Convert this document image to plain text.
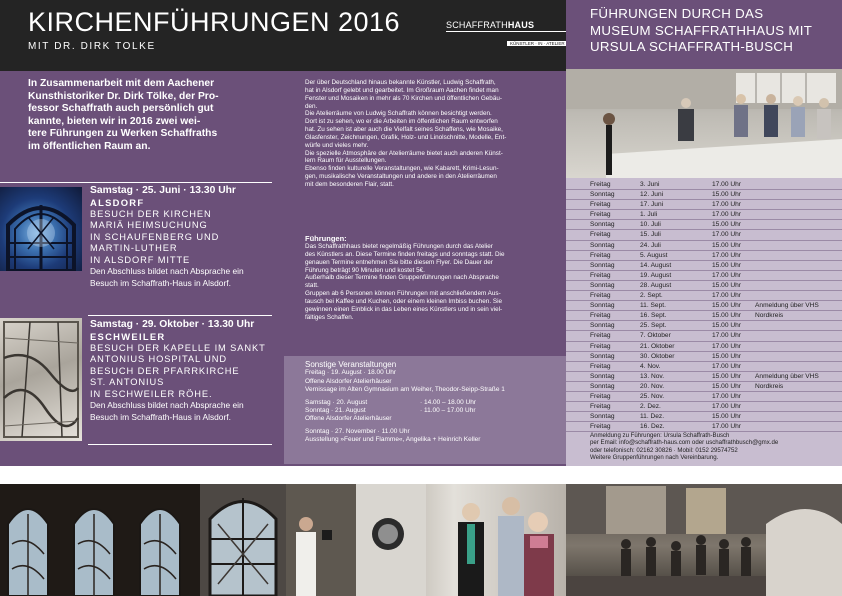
KIRCHENFÜHRUNGEN 2016
MIT DR. DIRK TOLKE
SCHAFFRATHHAUS
KÜNSTLER · IN · ATELIER
FÜHRUNGEN DURCH DAS
MUSEUM SCHAFFRATHHAUS MIT
URSULA SCHAFFRATH-BUSCH
In Zusammenarbeit mit dem Aachener
Kunsthistoriker Dr. Dirk Tölke, der Pro-
fessor Schaffrath auch persönlich gut
kannte, bieten wir in 2016 zwei wei-
tere Führungen zu Werken Schaffraths
im öffentlichen Raum an.
Samstag · 25. Juni · 13.30 Uhr
ALSDORF
BESUCH DER KIRCHEN
MARIÄ HEIMSUCHUNG
IN SCHAUFENBERG UND
MARTIN-LUTHER
IN ALSDORF MITTE
Den Abschluss bildet nach Absprache ein
Besuch im Schaffrath-Haus in Alsdorf.
Samstag · 29. Oktober · 13.30 Uhr
ESCHWEILER
BESUCH DER KAPELLE IM SANKT
ANTONIUS HOSPITAL UND
BESUCH DER PFARRKIRCHE
ST. ANTONIUS
IN ESCHWEILER RÖHE.
Den Abschluss bildet nach Absprache ein
Besuch im Schaffrath-Haus in Alsdorf.
Der über Deutschland hinaus bekannte Künstler, Ludwig Schaffrath,
hat in Alsdorf gelebt und gearbeitet. Im Großraum Aachen findet man
Fenster und Mosaiken in mehr als 70 Kirchen und öffentlichen Gebäu-
den.
Die Atelierräume von Ludwig Schaffrath können besichtigt werden.
Dort ist zu sehen, wo er die Arbeiten im öffentlichen Raum entworfen
hat. Zu sehen ist aber auch die Vielfalt seines Schaffens, wie Mosaike,
Glasfenster, Zeichnungen, Grafik, Holz- und Linolschnitte, Modelle, Ent-
würfe und vieles mehr.
Die spezielle Atmosphäre der Atelierräume bietet auch anderen Künst-
lern Raum für Ausstellungen.
Ebenso finden kulturelle Veranstaltungen, wie Kabarett, Krimi-Lesun-
gen, musikalische Veranstaltungen und andere in den Atelierräumen
mit dem besonderen Flair, statt.
Führungen:
Das Schaffrathhaus bietet regelmäßig Führungen durch das Atelier
des Künstlers an. Diese Termine finden freitags und sonntags statt. Die
genauen Termine entnehmen Sie bitte diesem Flyer. Die Dauer der
Führung beträgt 90 Minuten und kostet 5€.
Außerhalb dieser Termine finden Gruppenführungen nach Absprache
statt.
Gruppen ab 6 Personen können Führungen mit anschließendem Aus-
tausch bei Kaffee und Kuchen, oder einem kleinen Imbiss buchen. Sie
gewinnen einen Einblick in das Leben eines Künstlers und in sein viel-
fältiges Schaffen.
Sonstige Veranstaltungen
Freitag · 19. August · 18.00 Uhr
Offene Alsdorfer Atelierhäuser
Vernissage im Alten Gymnasium am Weiher, Theodor-Seipp-Straße 1
Samstag · 20. August	· 14.00 – 18.00 Uhr
Sonntag · 21. August	· 11.00 – 17.00 Uhr
Offene Alsdorfer Atelierhäuser
Sonntag · 27. November · 11.00 Uhr
Ausstellung »Feuer und Flamme«, Angelika + Heinrich Keller
Freitag	3. Juni	17.00 Uhr
Sonntag	12. Juni	15.00 Uhr
Freitag	17. Juni	17.00 Uhr
Freitag	1. Juli	17.00 Uhr
Sonntag	10. Juli	15.00 Uhr
Freitag	15. Juli	17.00 Uhr
Sonntag	24. Juli	15.00 Uhr
Freitag	5. August	17.00 Uhr
Sonntag	14. August	15.00 Uhr
Freitag	19. August	17.00 Uhr
Sonntag	28. August	15.00 Uhr
Freitag	2. Sept.	17.00 Uhr
Sonntag	11. Sept.	15.00 Uhr Anmeldung über VHS
Freitag	16. Sept.	15.00 Uhr Nordkreis
Sonntag	25. Sept.	15.00 Uhr
Freitag	7. Oktober	17.00 Uhr
Freitag	21. Oktober	17.00 Uhr
Sonntag	30. Oktober	15.00 Uhr
Freitag	4. Nov.	17.00 Uhr
Sonntag	13. Nov.	15.00 Uhr Anmeldung über VHS
Sonntag	20. Nov.	15.00 Uhr Nordkreis
Freitag	25. Nov.	17.00 Uhr
Freitag	2. Dez.	17.00 Uhr
Sonntag	11. Dez.	15.00 Uhr
Freitag	16. Dez.	17.00 Uhr
Anmeldung zu Führungen: Ursula Schaffrath-Busch
per Email: info@schaffrath-haus.com oder uschaffrathbusch@gmx.de
oder telefonisch: 02162 30826 · Mobil: 0152 29574752
Weitere Gruppenführungen nach Vereinbarung.
